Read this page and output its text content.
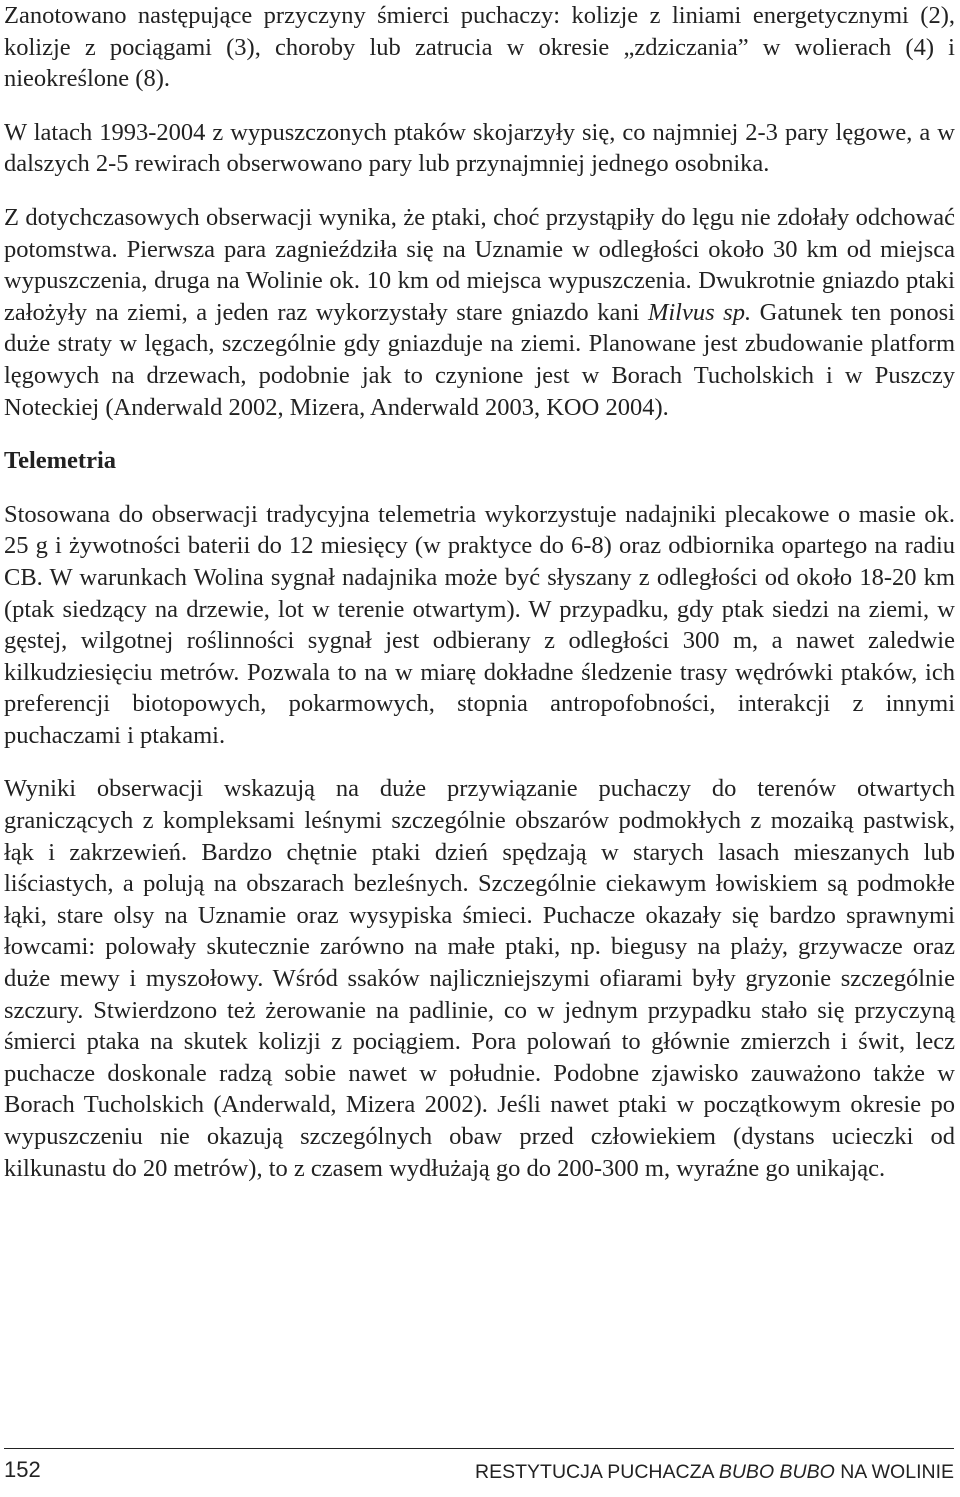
Zanotowano następujące przyczyny śmierci puchaczy: kolizje z liniami energetycznymi (2), kolizje z pociągami (3), choroby lub zatrucia w okresie „zdziczania” w wolierach (4) i nieokreślone (8).

W latach 1993-2004 z wypuszczonych ptaków skojarzyły się, co najmniej 2-3 pary lęgowe, a w dalszych 2-5 rewirach obserwowano pary lub przynajmniej jednego osobnika.

Z dotychczasowych obserwacji wynika, że ptaki, choć przystąpiły do lęgu nie zdołały odchować potomstwa. Pierwsza para zagnieździła się na Uznamie w odległości około 30 km od miejsca wypuszczenia, druga na Wolinie ok. 10 km od miejsca wypuszczenia. Dwukrotnie gniazdo ptaki założyły na ziemi, a jeden raz wykorzystały stare gniazdo kani Milvus sp. Gatunek ten ponosi duże straty w lęgach, szczególnie gdy gniazduje na ziemi. Planowane jest zbudowanie platform lęgowych na drzewach, podobnie jak to czynione jest w Borach Tucholskich i w Puszczy Noteckiej (Anderwald 2002, Mizera, Anderwald 2003, KOO 2004).

Telemetria

Stosowana do obserwacji tradycyjna telemetria wykorzystuje nadajniki plecakowe o masie ok. 25 g i żywotności baterii do 12 miesięcy (w praktyce do 6-8) oraz odbiornika opartego na radiu CB. W warunkach Wolina sygnał nadajnika może być słyszany z odległości od około 18-20 km (ptak siedzący na drzewie, lot w terenie otwartym). W przypadku, gdy ptak siedzi na ziemi, w gęstej, wilgotnej roślinności sygnał jest odbierany z odległości 300 m, a nawet zaledwie kilkudziesięciu metrów. Pozwala to na w miarę dokładne śledzenie trasy wędrówki ptaków, ich preferencji biotopowych, pokarmowych, stopnia antropofobności, interakcji z innymi puchaczami i ptakami.

Wyniki obserwacji wskazują na duże przywiązanie puchaczy do terenów otwartych graniczących z kompleksami leśnymi szczególnie obszarów podmokłych z mozaiką pastwisk, łąk i zakrzewień. Bardzo chętnie ptaki dzień spędzają w starych lasach mieszanych lub liściastych, a polują na obszarach bezleśnych. Szczególnie ciekawym łowiskiem są podmokłe łąki, stare olsy na Uznamie oraz wysypiska śmieci. Puchacze okazały się bardzo sprawnymi łowcami: polowały skutecznie zarówno na małe ptaki, np. biegusy na plaży, grzywacze oraz duże mewy i myszołowy. Wśród ssaków najliczniejszymi ofiarami były gryzonie szczególnie szczury. Stwierdzono też żerowanie na padlinie, co w jednym przypadku stało się przyczyną śmierci ptaka na skutek kolizji z pociągiem. Pora polowań to głównie zmierzch i świt, lecz puchacze doskonale radzą sobie nawet w południe. Podobne zjawisko zauważono także w Borach Tucholskich (Anderwald, Mizera 2002). Jeśli nawet ptaki w początkowym okresie po wypuszczeniu nie okazują szczególnych obaw przed człowiekiem (dystans ucieczki od kilkunastu do 20 metrów), to z czasem wydłużają go do 200-300 m, wyraźne go unikając.

152	RESTYTUCJA PUCHACZA BUBO BUBO NA WOLINIE
